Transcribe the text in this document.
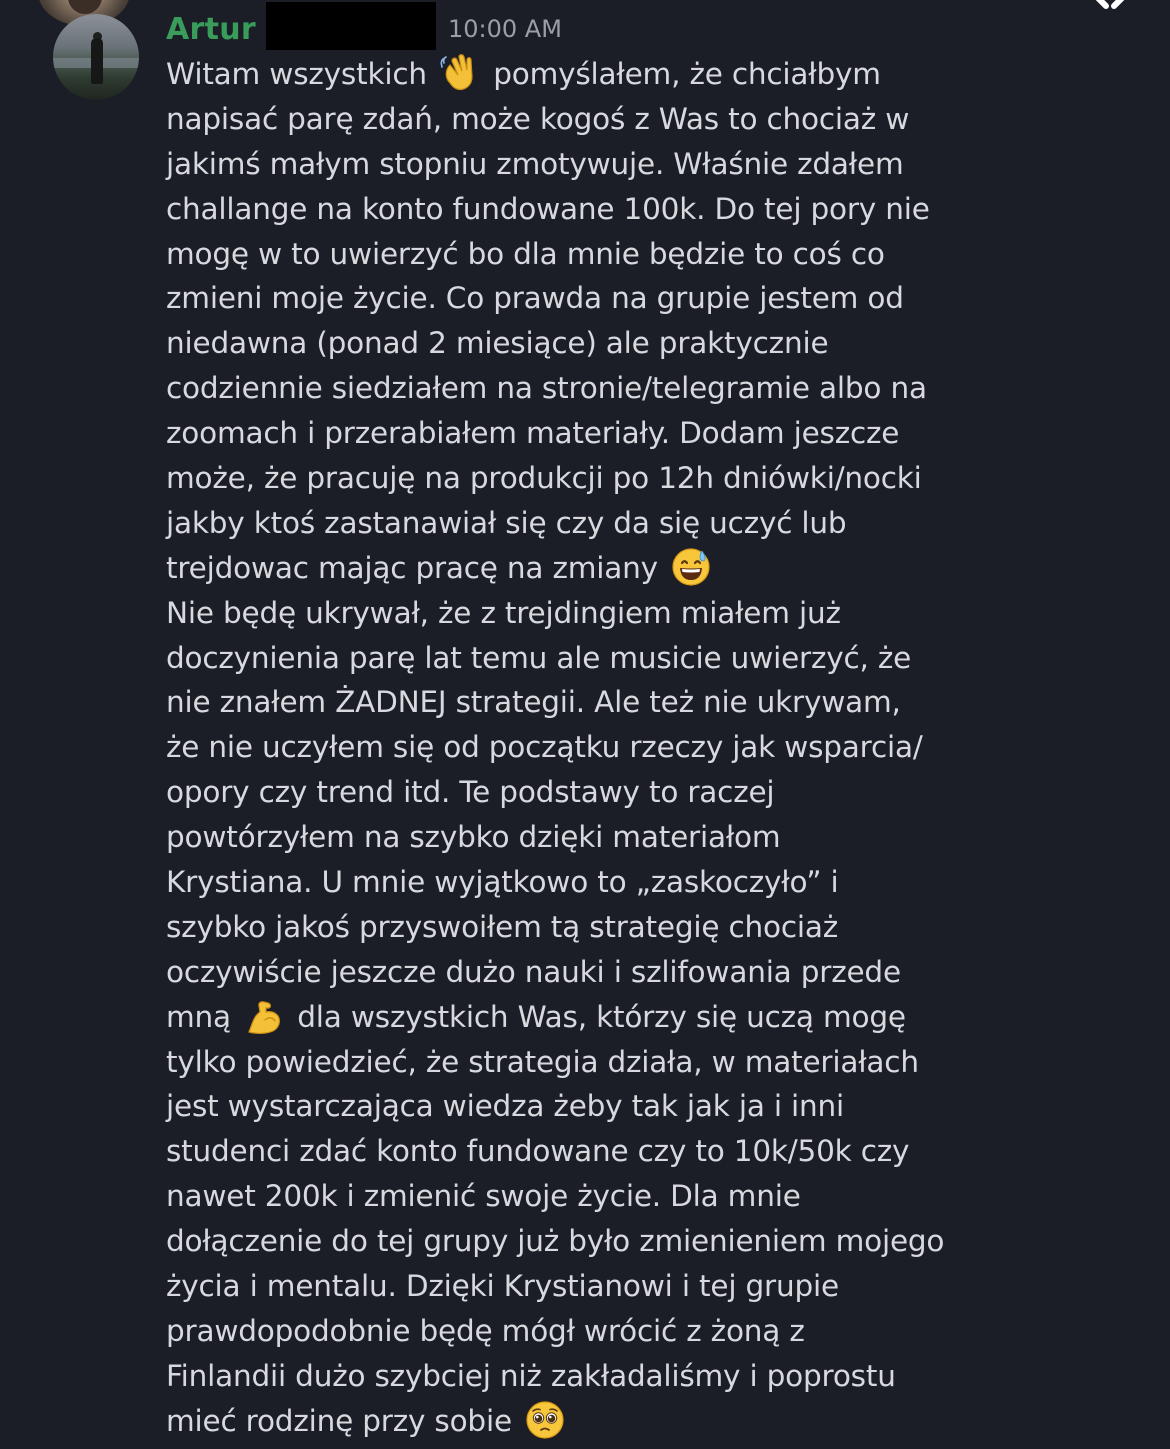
Artur	10:00 AM
Witam wszystkich  pomyślałem, że chciałbym
napisać parę zdań, może kogoś z Was to chociaż w
jakimś małym stopniu zmotywuje. Właśnie zdałem
challange na konto fundowane 100k. Do tej pory nie
mogę w to uwierzyć bo dla mnie będzie to coś co
zmieni moje życie. Co prawda na grupie jestem od
niedawna (ponad 2 miesiące) ale praktycznie
codziennie siedziałem na stronie/telegramie albo na
zoomach i przerabiałem materiały. Dodam jeszcze
może, że pracuję na produkcji po 12h dniówki/nocki
jakby ktoś zastanawiał się czy da się uczyć lub
trejdowac mając pracę na zmiany
Nie będę ukrywał, że z trejdingiem miałem już
doczynienia parę lat temu ale musicie uwierzyć, że
nie znałem ŻADNEJ strategii. Ale też nie ukrywam,
że nie uczyłem się od początku rzeczy jak wsparcia/
opory czy trend itd. Te podstawy to raczej
powtórzyłem na szybko dzięki materiałom
Krystiana. U mnie wyjątkowo to „zaskoczyło” i
szybko jakoś przyswoiłem tą strategię chociaż
oczywiście jeszcze dużo nauki i szlifowania przede
mną  dla wszystkich Was, którzy się uczą mogę
tylko powiedzieć, że strategia działa, w materiałach
jest wystarczająca wiedza żeby tak jak ja i inni
studenci zdać konto fundowane czy to 10k/50k czy
nawet 200k i zmienić swoje życie. Dla mnie
dołączenie do tej grupy już było zmienieniem mojego
życia i mentalu. Dzięki Krystianowi i tej grupie
prawdopodobnie będę mógł wrócić z żoną z
Finlandii dużo szybciej niż zakładaliśmy i poprostu
mieć rodzinę przy sobie
